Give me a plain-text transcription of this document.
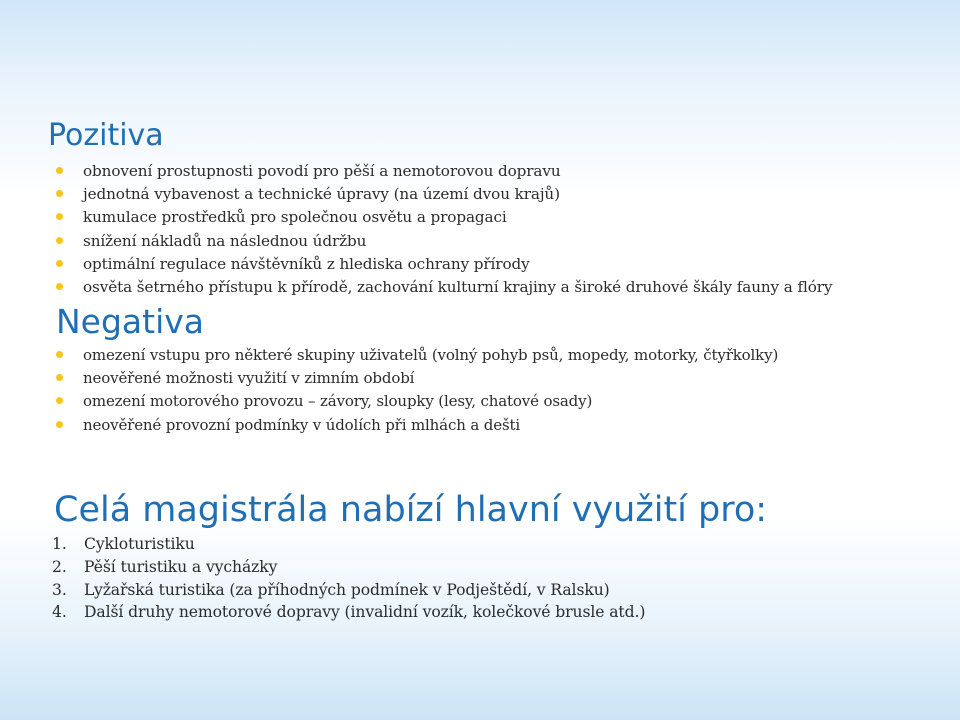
Pozitiva
obnovení prostupnosti povodí pro pěší a nemotorovou dopravu
jednotná vybavenost a technické úpravy (na území dvou krajů)
kumulace prostředků pro společnou osvětu a propagaci
snížení nákladů na následnou údržbu
optimální regulace návštěvníků z hlediska ochrany přírody
osvěta šetrného přístupu k přírodě, zachování kulturní krajiny a široké druhové škály fauny a flóry
Negativa
omezení vstupu pro některé skupiny uživatelů (volný pohyb psů, mopedy, motorky, čtyřkolky)
neověřené možnosti využití v zimním období
omezení motorového provozu – závory, sloupky (lesy, chatové osady)
neověřené provozní podmínky v údolích při mlhách a dešti
Celá magistrála nabízí hlavní využití pro:
1. Cykloturistiku
2. Pěší turistiku a vycházky
3. Lyžařská turistika (za příhodných podmínek v Podještědí, v Ralsku)
4. Další druhy nemotorové dopravy (invalidní vozík, kolečkové brusle atd.)
